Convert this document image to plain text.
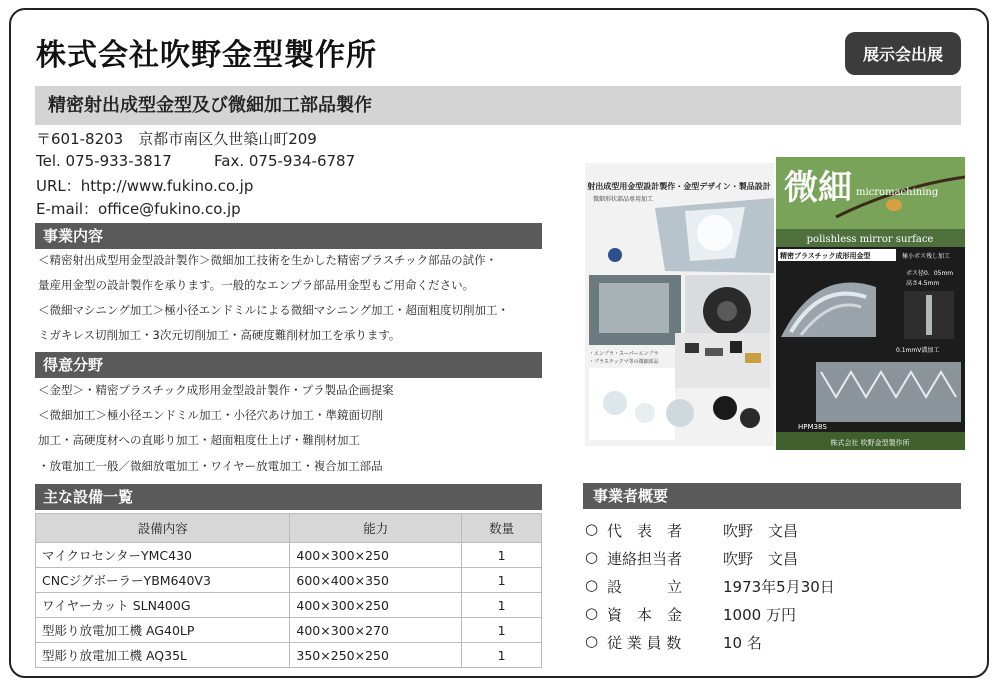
株式会社吹野金型製作所	展示会出展
精密射出成型金型及び微細加工部品製作
〒601-8203　京都市南区久世築山町209
Tel. 075-933-3817	Fax. 075-934-6787
URL：http://www.fukino.co.jp
E-mail：office@fukino.co.jp
事業内容
＜精密射出成型用金型設計製作＞微細加工技術を生かした精密プラスチック部品の試作・
量産用金型の設計製作を承ります。一般的なエンプラ部品用金型もご用命ください。
＜微細マシニング加工＞極小径エンドミルによる微細マシニング加工・超面粗度切削加工・
ミガキレス切削加工・3次元切削加工・高硬度難削材加工を承ります。
得意分野
＜金型＞・精密プラスチック成形用金型設計製作・プラ製品企画提案
＜微細加工＞極小径エンドミル加工・小径穴あけ加工・準鏡面切削
加工・高硬度材への直彫り加工・超面粗度仕上げ・難削材加工
・放電加工一般／微細放電加工・ワイヤー放電加工・複合加工部品
主な設備一覧
設備内容	能力	数量
マイクロセンターYMC430	400×300×250	1
CNCジグボーラーYBM640V3	600×400×350	1
ワイヤーカット SLN400G	400×300×250	1
型彫り放電加工機 AG40LP	400×300×270	1
型彫り放電加工機 AQ35L	350×250×250	1
射出成型用金型設計製作・金型デザイン・製品設計
微細形状部品専用加工
・エンプラ・スーパーエンプラ
・プラスチックマ等の微細部品
微細 micromachining
polishless mirror surface
精密プラスチック成形用金型	極小ボス残し加工
ボス径0．05mm
高さ4.5mm
0.1mmV溝加工
HPM38S
株式会社 吹野金型製作所
事業者概要
○ 代　表　者	吹野　文昌
○ 連絡担当者	吹野　文昌
○ 設　　　立	1973年5月30日
○ 資　本　金	1000 万円
○ 従 業 員 数	10 名
